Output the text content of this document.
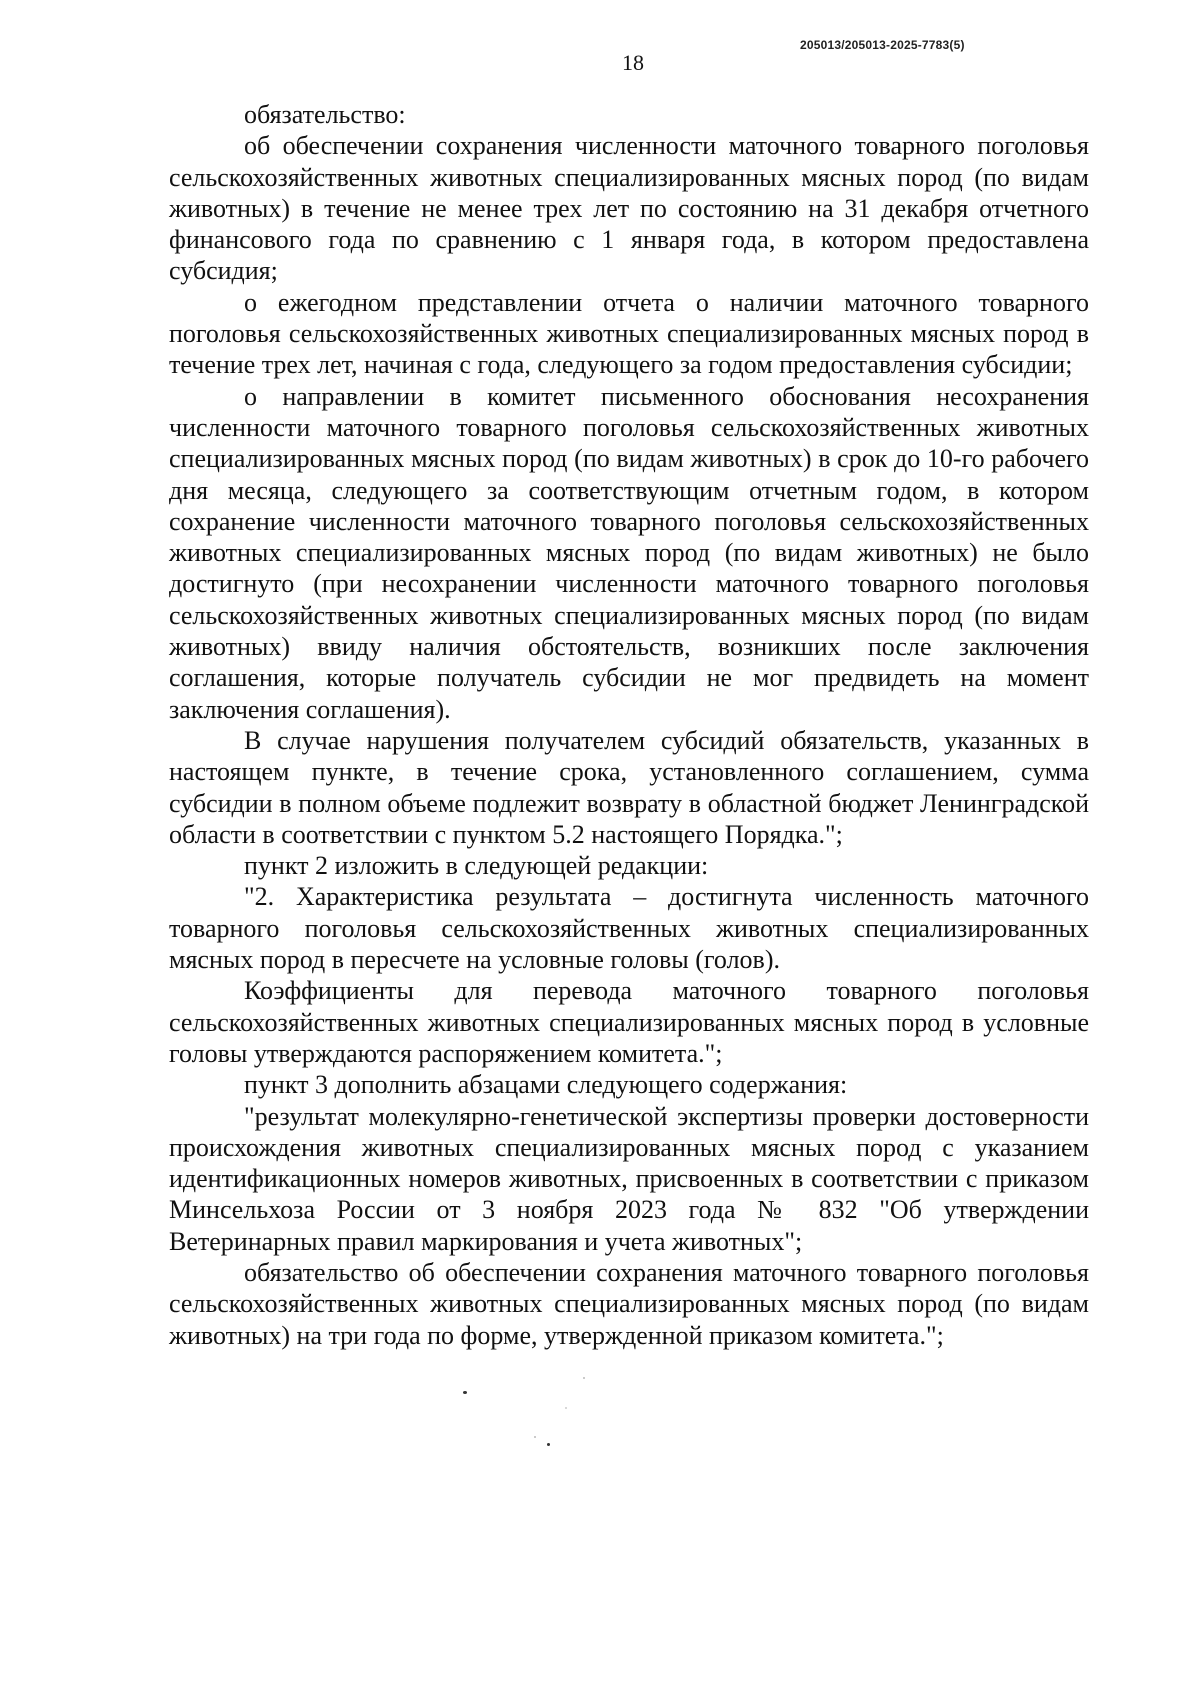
205013/205013-2025-7783(5)
18

обязательство:

об обеспечении сохранения численности маточного товарного поголовья сельскохозяйственных животных специализированных мясных пород (по видам животных) в течение не менее трех лет по состоянию на 31 декабря отчетного финансового года по сравнению с 1 января года, в котором предоставлена субсидия;

о ежегодном представлении отчета о наличии маточного товарного поголовья сельскохозяйственных животных специализированных мясных пород в течение трех лет, начиная с года, следующего за годом предоставления субсидии;

о направлении в комитет письменного обоснования несохранения численности маточного товарного поголовья сельскохозяйственных животных специализированных мясных пород (по видам животных) в срок до 10-го рабочего дня месяца, следующего за соответствующим отчетным годом, в котором сохранение численности маточного товарного поголовья сельскохозяйственных животных специализированных мясных пород (по видам животных) не было достигнуто (при несохранении численности маточного товарного поголовья сельскохозяйственных животных специализированных мясных пород (по видам животных) ввиду наличия обстоятельств, возникших после заключения соглашения, которые получатель субсидии не мог предвидеть на момент заключения соглашения).

В случае нарушения получателем субсидий обязательств, указанных в настоящем пункте, в течение срока, установленного соглашением, сумма субсидии в полном объеме подлежит возврату в областной бюджет Ленинградской области в соответствии с пунктом 5.2 настоящего Порядка.";

пункт 2 изложить в следующей редакции:

"2. Характеристика результата – достигнута численность маточного товарного поголовья сельскохозяйственных животных специализированных мясных пород в пересчете на условные головы (голов).

Коэффициенты для перевода маточного товарного поголовья сельскохозяйственных животных специализированных мясных пород в условные головы утверждаются распоряжением комитета.";

пункт 3 дополнить абзацами следующего содержания:

"результат молекулярно-генетической экспертизы проверки достоверности происхождения животных специализированных мясных пород с указанием идентификационных номеров животных, присвоенных в соответствии с приказом Минсельхоза России от 3 ноября 2023 года № 832 "Об утверждении Ветеринарных правил маркирования и учета животных";

обязательство об обеспечении сохранения маточного товарного поголовья сельскохозяйственных животных специализированных мясных пород (по видам животных) на три года по форме, утвержденной приказом комитета.";
